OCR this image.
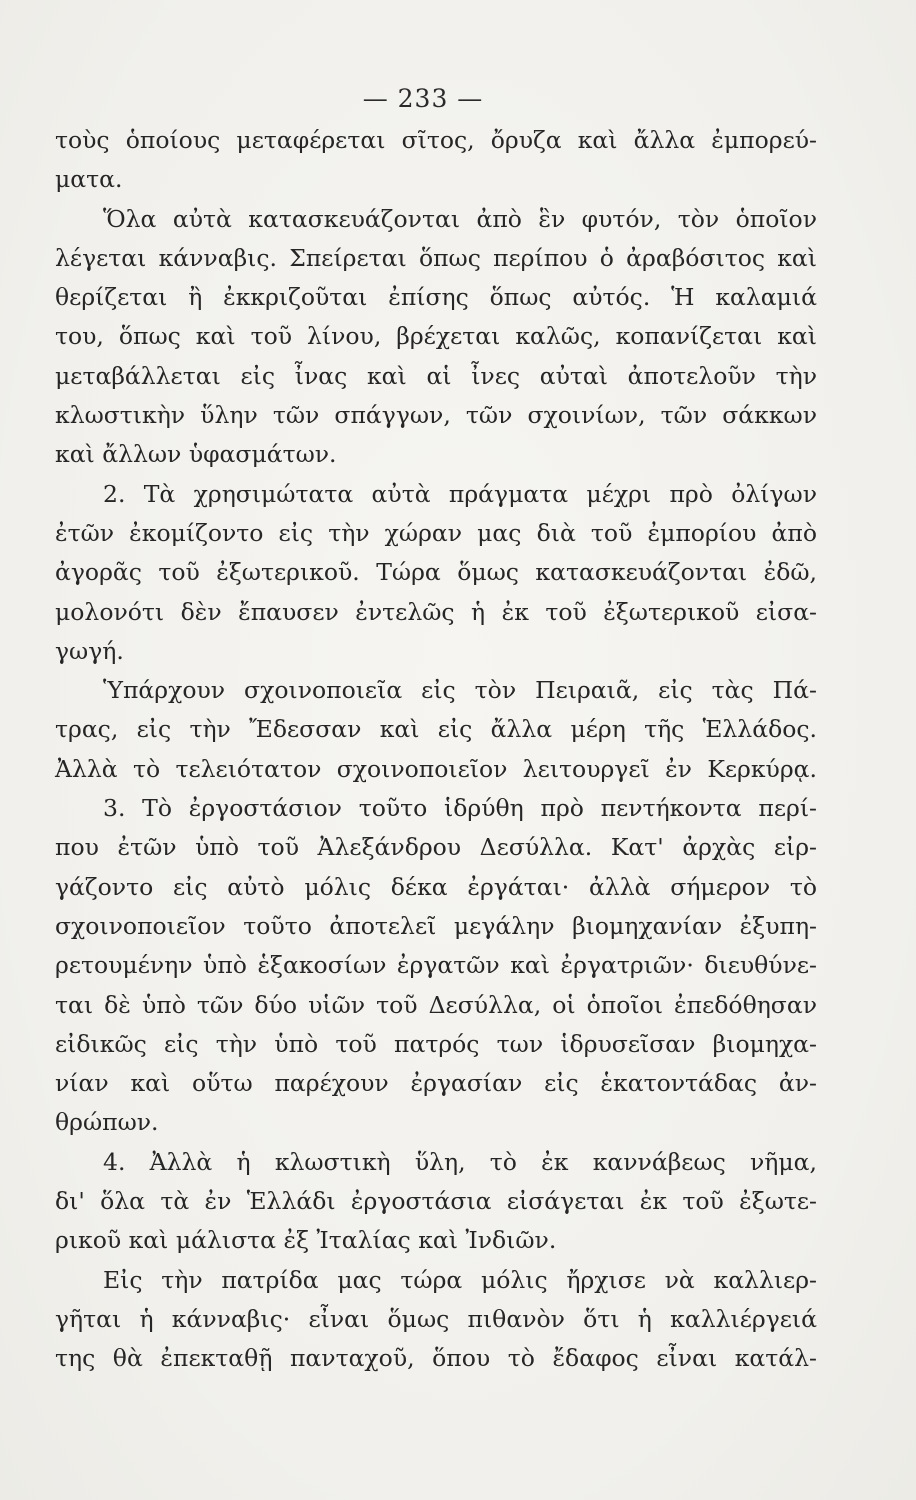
— 233 —
τοὺς ὁποίους μεταφέρεται σῖτος, ὄρυζα καὶ ἄλλα ἐμπορεύ-
ματα.
Ὅλα αὐτὰ κατασκευάζονται ἀπὸ ἓν φυτόν, τὸν ὁποῖον
λέγεται κάνναβις. Σπείρεται ὅπως περίπου ὁ ἀραβόσιτος καὶ
θερίζεται ἢ ἐκκριζοῦται ἐπίσης ὅπως αὐτός. Ἡ καλαμιά
του, ὅπως καὶ τοῦ λίνου, βρέχεται καλῶς, κοπανίζεται καὶ
μεταβάλλεται εἰς ἶνας καὶ αἱ ἶνες αὐταὶ ἀποτελοῦν τὴν
κλωστικὴν ὕλην τῶν σπάγγων, τῶν σχοινίων, τῶν σάκκων
καὶ ἄλλων ὑφασμάτων.
2. Τὰ χρησιμώτατα αὐτὰ πράγματα μέχρι πρὸ ὀλίγων
ἐτῶν ἐκομίζοντο εἰς τὴν χώραν μας διὰ τοῦ ἐμπορίου ἀπὸ
ἀγορᾶς τοῦ ἐξωτερικοῦ. Τώρα ὅμως κατασκευάζονται ἐδῶ,
μολονότι δὲν ἔπαυσεν ἐντελῶς ἡ ἐκ τοῦ ἐξωτερικοῦ εἰσα-
γωγή.
Ὑπάρχουν σχοινοποιεῖα εἰς τὸν Πειραιᾶ, εἰς τὰς Πά-
τρας, εἰς τὴν Ἔδεσσαν καὶ εἰς ἄλλα μέρη τῆς Ἑλλάδος.
Ἀλλὰ τὸ τελειότατον σχοινοποιεῖον λειτουργεῖ ἐν Κερκύρᾳ.
3. Τὸ ἐργοστάσιον τοῦτο ἱδρύθη πρὸ πεντήκοντα περί-
που ἐτῶν ὑπὸ τοῦ Ἀλεξάνδρου Δεσύλλα. Κατ' ἀρχὰς εἰρ-
γάζοντο εἰς αὐτὸ μόλις δέκα ἐργάται· ἀλλὰ σήμερον τὸ
σχοινοποιεῖον τοῦτο ἀποτελεῖ μεγάλην βιομηχανίαν ἐξυπη-
ρετουμένην ὑπὸ ἑξακοσίων ἐργατῶν καὶ ἐργατριῶν· διευθύνε-
ται δὲ ὑπὸ τῶν δύο υἱῶν τοῦ Δεσύλλα, οἱ ὁποῖοι ἐπεδόθησαν
εἰδικῶς εἰς τὴν ὑπὸ τοῦ πατρός των ἱδρυσεῖσαν βιομηχα-
νίαν καὶ οὕτω παρέχουν ἐργασίαν εἰς ἑκατοντάδας ἀν-
θρώπων.
4. Ἀλλὰ ἡ κλωστικὴ ὕλη, τὸ ἐκ καννάβεως νῆμα,
δι' ὅλα τὰ ἐν Ἑλλάδι ἐργοστάσια εἰσάγεται ἐκ τοῦ ἐξωτε-
ρικοῦ καὶ μάλιστα ἐξ Ἰταλίας καὶ Ἰνδιῶν.
Εἰς τὴν πατρίδα μας τώρα μόλις ἤρχισε νὰ καλλιερ-
γῆται ἡ κάνναβις· εἶναι ὅμως πιθανὸν ὅτι ἡ καλλιέργειά
της θὰ ἐπεκταθῇ πανταχοῦ, ὅπου τὸ ἔδαφος εἶναι κατάλ-
